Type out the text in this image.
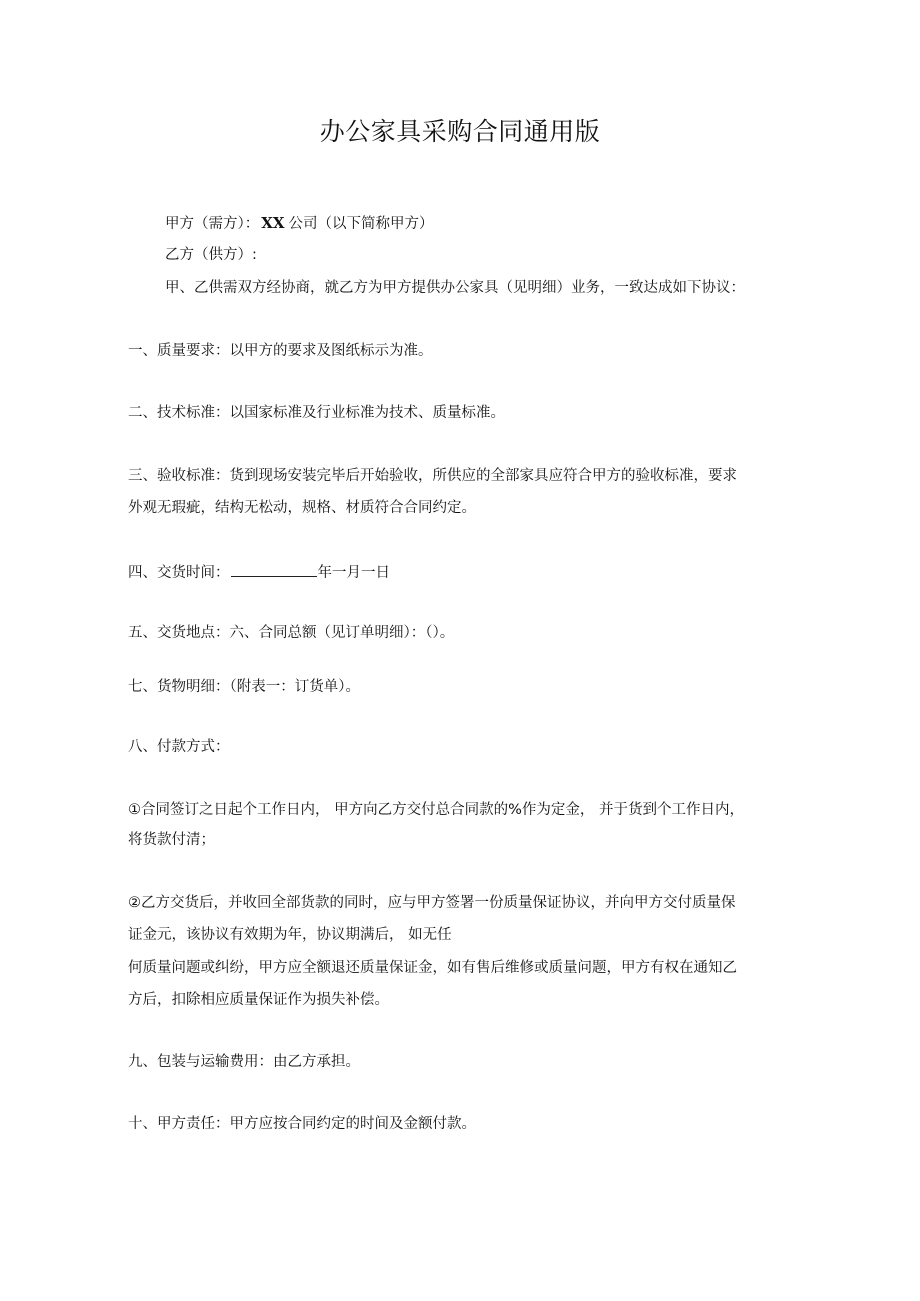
办公家具采购合同通用版
甲方（需方）： XX 公司（以下简称甲方）
乙方（供方）:
甲、乙供需双方经协商，就乙方为甲方提供办公家具（见明细）业务，一致达成如下协议：
一、质量要求：以甲方的要求及图纸标示为准。
二、技术标准：以国家标准及行业标准为技术、质量标准。
三、验收标准：货到现场安装完毕后开始验收，所供应的全部家具应符合甲方的验收标准，要求
外观无瑕疵，结构无松动，规格、材质符合合同约定。
四、交货时间：	年一月一日
五、交货地点：六、合同总额（见订单明细）：（）。
七、货物明细：（附表一：订货单）。
八、付款方式：
①合同签订之日起个工作日内， 甲方向乙方交付总合同款的%作为定金， 并于货到个工作日内，
将货款付清；
②乙方交货后，并收回全部货款的同时，应与甲方签署一份质量保证协议，并向甲方交付质量保
证金元，该协议有效期为年，协议期满后， 如无任
何质量问题或纠纷，甲方应全额退还质量保证金，如有售后维修或质量问题，甲方有权在通知乙
方后，扣除相应质量保证作为损失补偿。
九、包装与运输费用：由乙方承担。
十、甲方责任：甲方应按合同约定的时间及金额付款。
